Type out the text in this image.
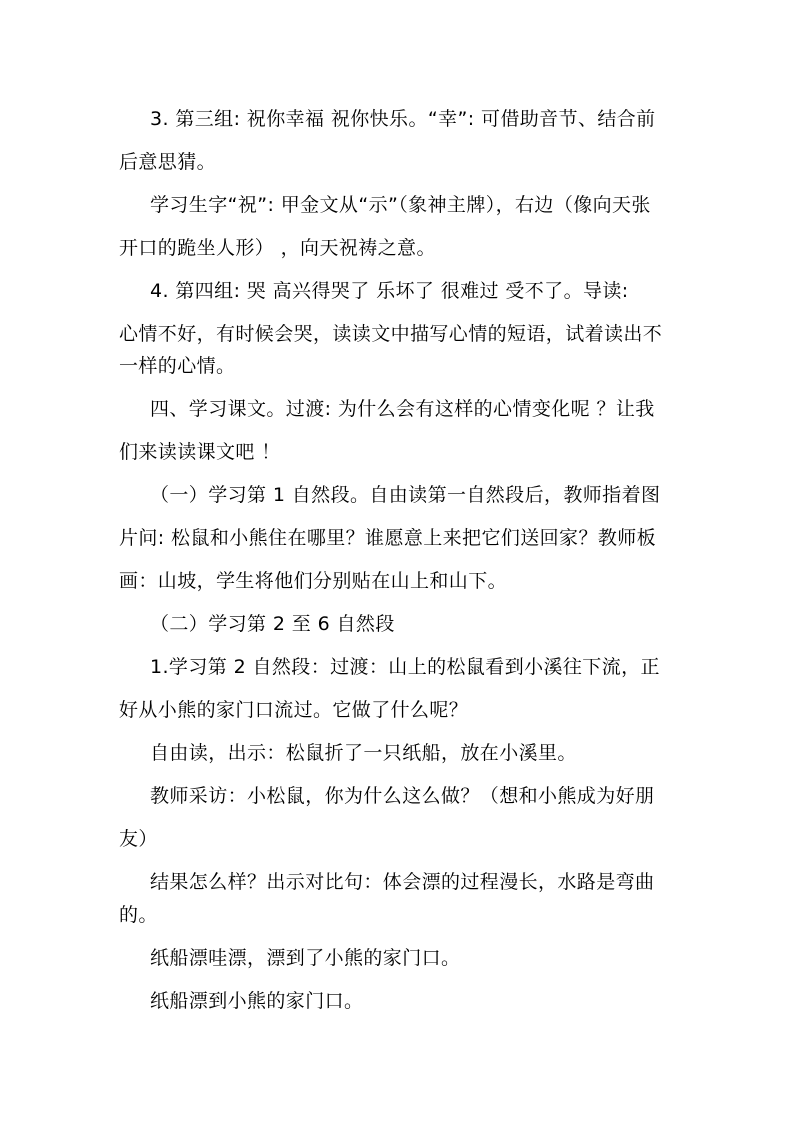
3. 第三组: 祝你幸福 祝你快乐。“幸”: 可借助音节、结合前
后意思猜。
学习生字“祝”: 甲金文从“示”（象神主牌），右边（像向天张
开口的跪坐人形） ，向天祝祷之意。
4. 第四组: 哭 高兴得哭了 乐坏了 很难过 受不了。导读:
心情不好，有时候会哭，读读文中描写心情的短语，试着读出不
一样的心情。
四、学习课文。过渡: 为什么会有这样的心情变化呢 ？让我
们来读读课文吧 ！
（一）学习第 1 自然段。自由读第一自然段后，教师指着图
片问: 松鼠和小熊住在哪里？谁愿意上来把它们送回家？教师板
画：山坡，学生将他们分别贴在山上和山下。
（二）学习第 2 至 6 自然段
1.学习第 2 自然段：过渡：山上的松鼠看到小溪往下流，正
好从小熊的家门口流过。它做了什么呢？
自由读，出示：松鼠折了一只纸船，放在小溪里。
教师采访：小松鼠，你为什么这么做？（想和小熊成为好朋
友）
结果怎么样？出示对比句：体会漂的过程漫长，水路是弯曲
的。
纸船漂哇漂，漂到了小熊的家门口。
纸船漂到小熊的家门口。
